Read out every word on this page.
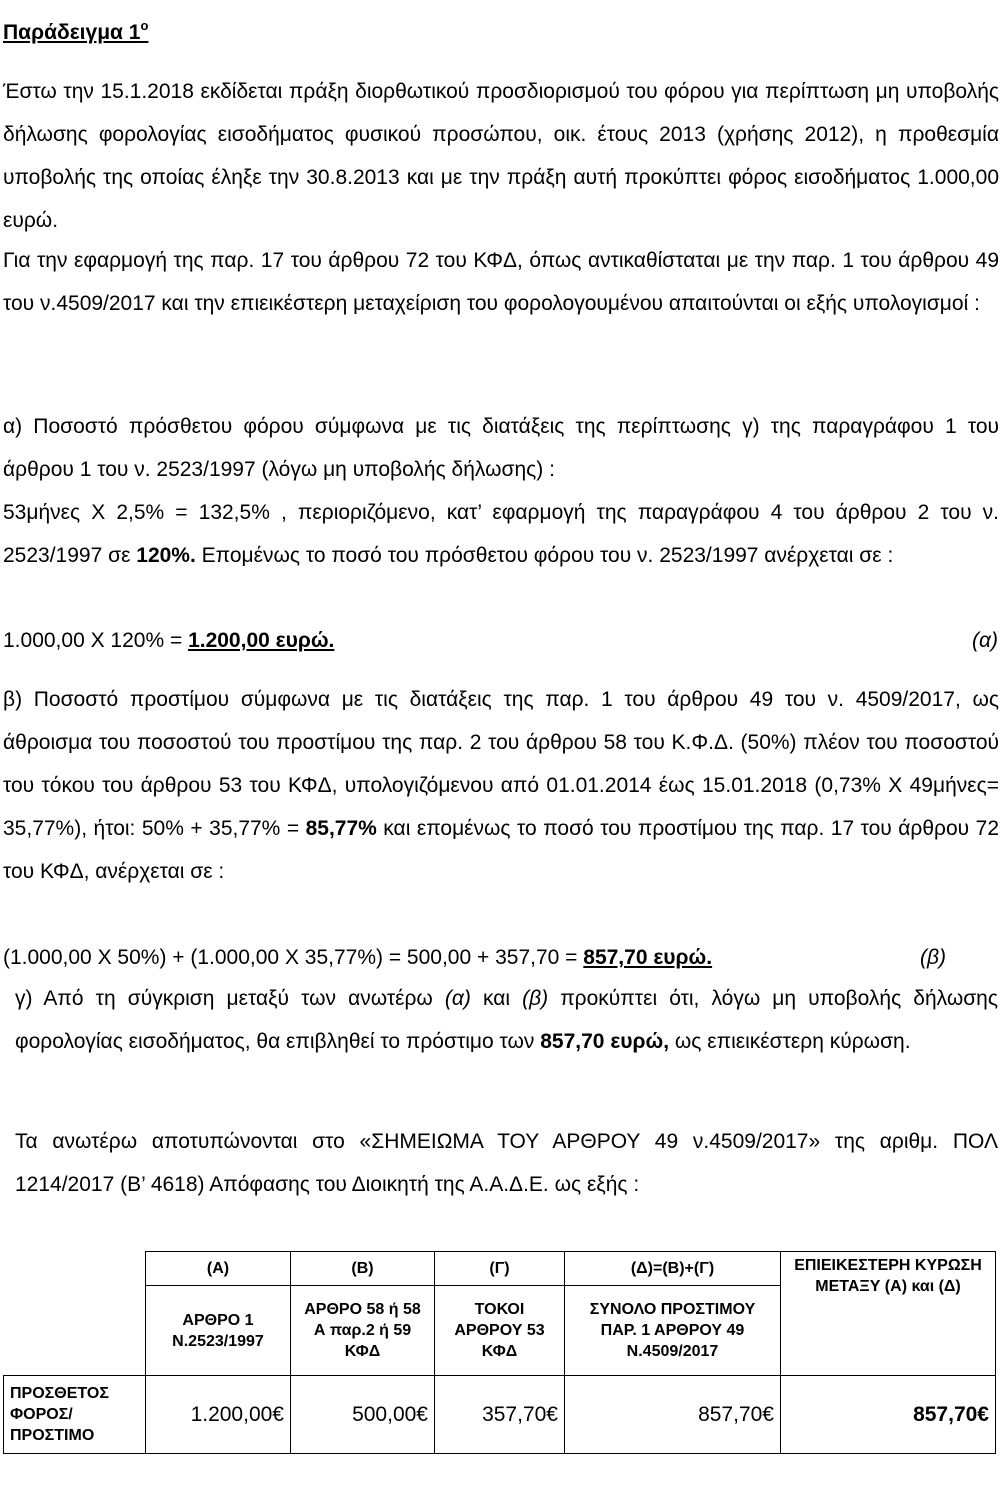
Παράδειγμα $1^o$
Έστω την 15.1.2018 εκδίδεται πράξη διορθωτικού προσδιορισμού του φόρου για περίπτωση μη υποβολής δήλωσης φορολογίας εισοδήματος φυσικού προσώπου, οικ. έτους 2013 (χρήσης 2012), η προθεσμία υποβολής της οποίας έληξε την 30.8.2013 και με την πράξη αυτή προκύπτει φόρος εισοδήματος 1.000,00 ευρώ.
Για την εφαρμογή της παρ. 17 του άρθρου 72 του ΚΦΔ, όπως αντικαθίσταται με την παρ. 1 του άρθρου 49 του ν.4509/2017 και την επιεικέστερη μεταχείριση του φορολογουμένου απαιτούνται οι εξής υπολογισμοί :
α) Ποσοστό πρόσθετου φόρου σύμφωνα με τις διατάξεις της περίπτωσης γ) της παραγράφου 1 του άρθρου 1 του ν. 2523/1997 (λόγω μη υποβολής δήλωσης) :
53μήνες Χ 2,5% = 132,5% , περιοριζόμενο, κατ’ εφαρμογή της παραγράφου 4 του άρθρου 2 του ν. 2523/1997 σε 120%. Επομένως το ποσό του πρόσθετου φόρου του ν. 2523/1997 ανέρχεται σε :
1.000,00 Χ 120% = 1.200,00 ευρώ.	(α)
β) Ποσοστό προστίμου σύμφωνα με τις διατάξεις της παρ. 1 του άρθρου 49 του ν. 4509/2017, ως άθροισμα του ποσοστού του προστίμου της παρ. 2 του άρθρου 58 του Κ.Φ.Δ. (50%) πλέον του ποσοστού του τόκου του άρθρου 53 του ΚΦΔ, υπολογιζόμενου από 01.01.2014 έως 15.01.2018 (0,73% Χ 49μήνες= 35,77%), ήτοι: 50% + 35,77% = 85,77% και επομένως το ποσό του προστίμου της παρ. 17 του άρθρου 72 του ΚΦΔ, ανέρχεται σε :
(1.000,00 Χ 50%) + (1.000,00 Χ 35,77%) = 500,00 + 357,70 = 857,70 ευρώ.	(β)
γ) Από τη σύγκριση μεταξύ των ανωτέρω (α) και (β) προκύπτει ότι, λόγω μη υποβολής δήλωσης φορολογίας εισοδήματος, θα επιβληθεί το πρόστιμο των 857,70 ευρώ, ως επιεικέστερη κύρωση.
Τα ανωτέρω αποτυπώνονται στο «ΣΗΜΕΙΩΜΑ ΤΟΥ ΑΡΘΡΟΥ 49 ν.4509/2017» της αριθμ. ΠΟΛ 1214/2017 (Β’ 4618) Απόφασης του Διοικητή της Α.Α.Δ.Ε. ως εξής :
	(Α)	(Β)	(Γ)	(Δ)=(Β)+(Γ)	ΕΠΙΕΙΚΕΣΤΕΡΗ ΚΥΡΩΣΗ ΜΕΤΑΞΥ (Α) και (Δ)
	ΑΡΘΡΟ 1 Ν.2523/1997	ΑΡΘΡΟ 58 ή 58 Α παρ.2 ή 59 ΚΦΔ	ΤΟΚΟΙ ΑΡΘΡΟΥ 53 ΚΦΔ	ΣΥΝΟΛΟ ΠΡΟΣΤΙΜΟΥ ΠΑΡ. 1 ΑΡΘΡΟΥ 49 Ν.4509/2017	
ΠΡΟΣΘΕΤΟΣ ΦΟΡΟΣ/ ΠΡΟΣΤΙΜΟ	1.200,00€	500,00€	357,70€	857,70€	857,70€
